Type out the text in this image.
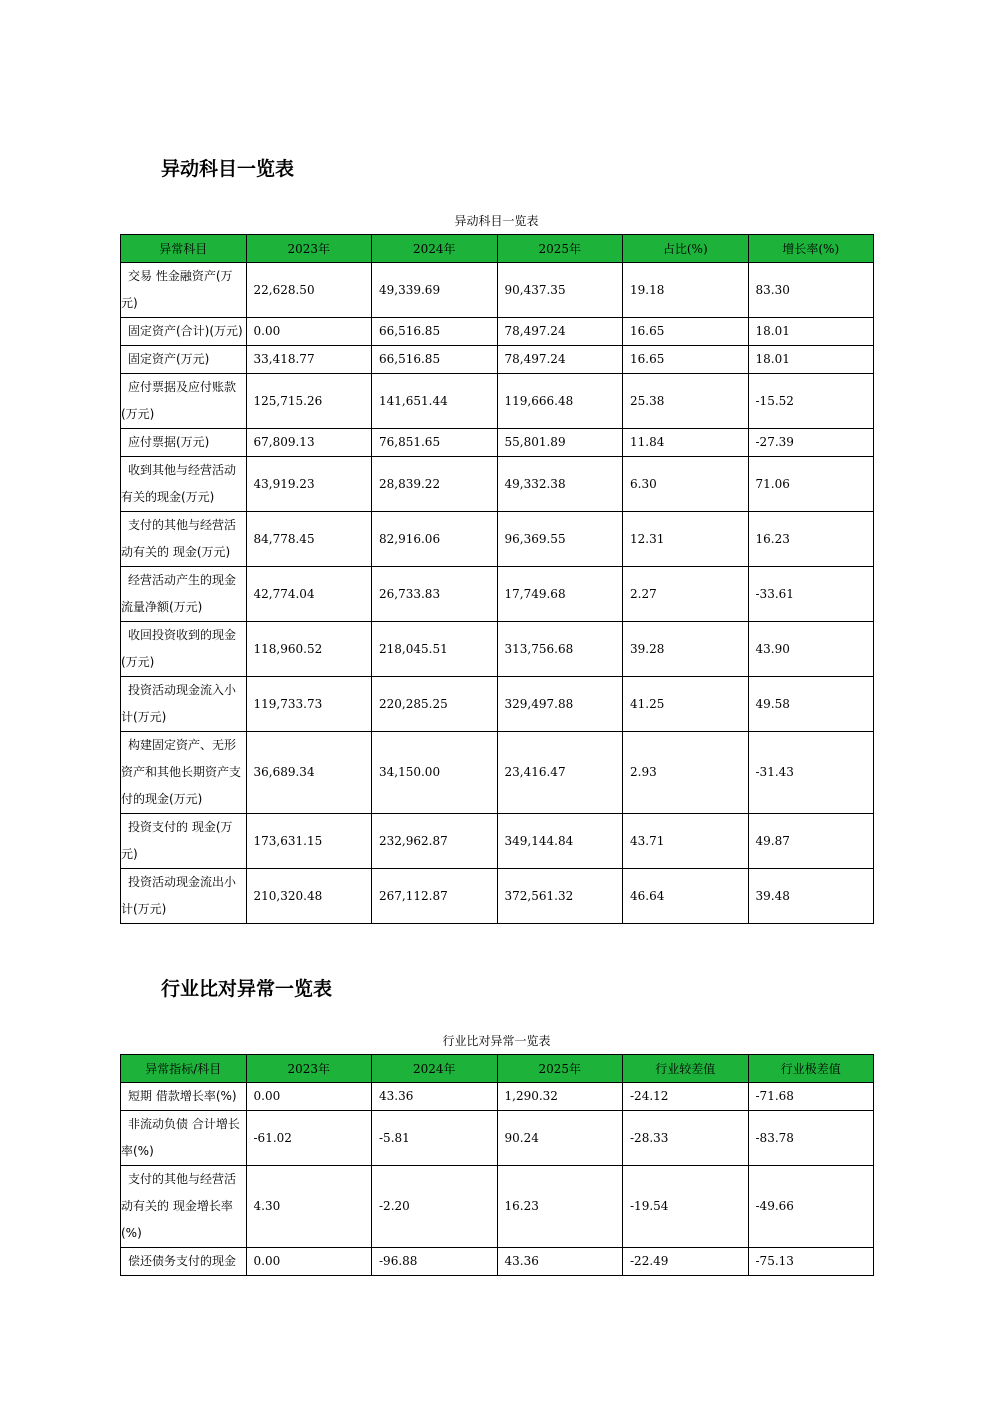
异动科目一览表
异动科目一览表
异常科目	2023年	2024年	2025年	占比(%)	增长率(%)
交易 性金融资产(万元)	22,628.50	49,339.69	90,437.35	19.18	83.30
固定资产(合计)(万元)	0.00	66,516.85	78,497.24	16.65	18.01
固定资产(万元)	33,418.77	66,516.85	78,497.24	16.65	18.01
应付票据及应付账款(万元)	125,715.26	141,651.44	119,666.48	25.38	-15.52
应付票据(万元)	67,809.13	76,851.65	55,801.89	11.84	-27.39
收到其他与经营活动有关的现金(万元)	43,919.23	28,839.22	49,332.38	6.30	71.06
支付的其他与经营活动有关的 现金(万元)	84,778.45	82,916.06	96,369.55	12.31	16.23
经营活动产生的现金流量净额(万元)	42,774.04	26,733.83	17,749.68	2.27	-33.61
收回投资收到的现金(万元)	118,960.52	218,045.51	313,756.68	39.28	43.90
投资活动现金流入小计(万元)	119,733.73	220,285.25	329,497.88	41.25	49.58
构建固定资产、无形资产和其他长期资产支付的现金(万元)	36,689.34	34,150.00	23,416.47	2.93	-31.43
投资支付的 现金(万元)	173,631.15	232,962.87	349,144.84	43.71	49.87
投资活动现金流出小计(万元)	210,320.48	267,112.87	372,561.32	46.64	39.48
行业比对异常一览表
行业比对异常一览表
异常指标/科目	2023年	2024年	2025年	行业较差值	行业极差值
短期 借款增长率(%)	0.00	43.36	1,290.32	-24.12	-71.68
非流动负债 合计增长率(%)	-61.02	-5.81	90.24	-28.33	-83.78
支付的其他与经营活动有关的 现金增长率(%)	4.30	-2.20	16.23	-19.54	-49.66
偿还债务支付的现金	0.00	-96.88	43.36	-22.49	-75.13
